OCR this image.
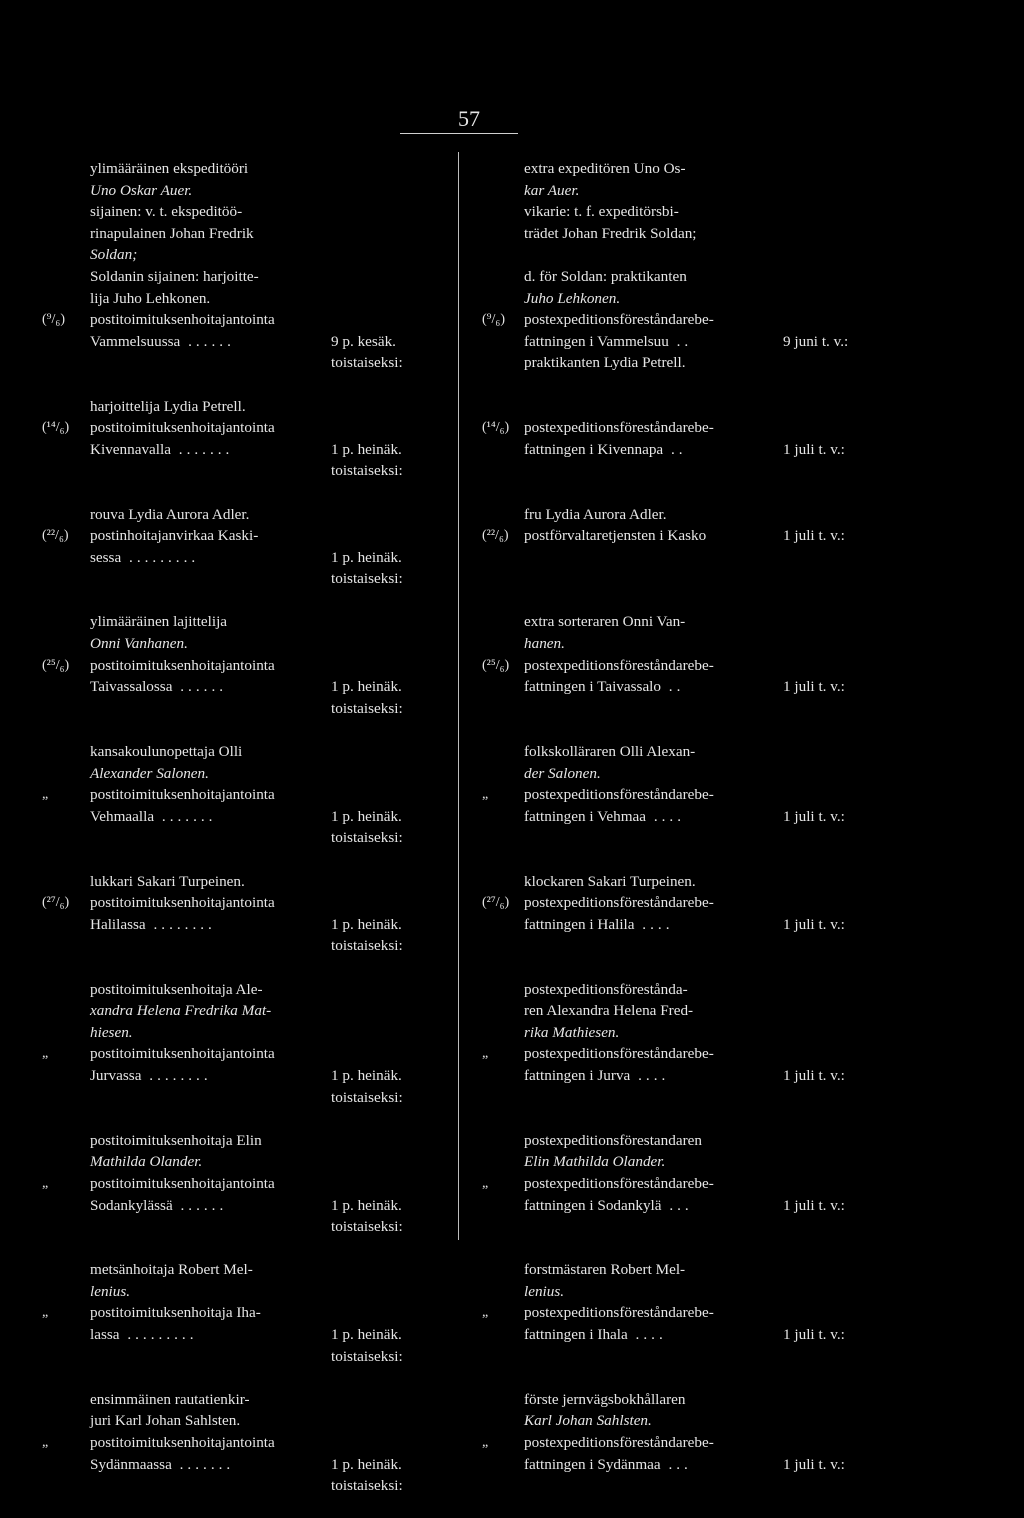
57
ylimääräinen ekspeditööri
Uno Oskar Auer.
sijainen: v. t. ekspeditöö-
rinapulainen Johan Fredrik
Soldan;
Soldanin sijainen: harjoitte-
lija Juho Lehkonen.
(⁹/₆) postitoimituksenhoitajantointa
Vammelsuussa ......	9 p. kesäk.
toistaiseksi:
harjoittelija Lydia Petrell.
(¹⁴/₆) postitoimituksenhoitajantointa
Kivennavalla .......	1 p. heinäk.
toistaiseksi:
rouva Lydia Aurora Adler.
(²²/₆) postinhoitajanvirkaa Kaski-
sessa .........	1 p. heinäk.
toistaiseksi:
ylimääräinen lajittelija
Onni Vanhanen.
(²⁵/₆) postitoimituksenhoitajantointa
Taivassalossa ......	1 p. heinäk.
toistaiseksi:
kansakoulunopettaja Olli
Alexander Salonen.
„	postitoimituksenhoitajantointa
Vehmaalla .......	1 p. heinäk.
toistaiseksi:
lukkari Sakari Turpeinen.
(²⁷/₆) postitoimituksenhoitajantointa
Halilassa ........	1 p. heinäk.
toistaiseksi:
postitoimituksenhoitaja Ale-
xandra Helena Fredrika Mat-
hiesen.
„	postitoimituksenhoitajantointa
Jurvassa ........	1 p. heinäk.
toistaiseksi:
postitoimituksenhoitaja Elin
Mathilda Olander.
„	postitoimituksenhoitajantointa
Sodankylässä ......	1 p. heinäk.
toistaiseksi:
metsänhoitaja Robert Mel-
lenius.
„	postitoimituksenhoitaja Iha-
lassa .........	1 p. heinäk.
toistaiseksi:
ensimmäinen rautatienkir-
juri Karl Johan Sahlsten.
„	postitoimituksenhoitajantointa
Sydänmaassa .......	1 p. heinäk.
toistaiseksi:
extra expeditören Uno Os-
kar Auer.
vikarie: t. f. expeditörsbi-
trädet Johan Fredrik Soldan;
d. för Soldan: praktikanten
Juho Lehkonen.
(⁹/₆) postexpeditionsföreståndarebe-
fattningen i Vammelsuu ..	9 juni t. v.:
praktikanten Lydia Petrell.
(¹⁴/₆) postexpeditionsföreståndarebe-
fattningen i Kivennapa ..	1 juli t. v.:
fru Lydia Aurora Adler.
(²²/₆) postförvaltaretjensten i Kasko	1 juli t. v.:
extra sorteraren Onni Van-
hanen.
(²⁵/₆) postexpeditionsföreståndarebe-
fattningen i Taivassalo ..	1 juli t. v.:
folkskolläraren Olli Alexan-
der Salonen.
„ postexpeditionsföreståndarebe-
fattningen i Vehmaa ....	1 juli t. v.:
klockaren Sakari Turpeinen.
(²⁷/₆) postexpeditionsföreståndarebe-
fattningen i Halila ....	1 juli t. v.:
postexpeditionsförestånda-
ren Alexandra Helena Fred-
rika Mathiesen.
„ postexpeditionsföreståndarebe-
fattningen i Jurva ....	1 juli t. v.:
postexpeditionsförestandaren
Elin Mathilda Olander.
„ postexpeditionsföreståndarebe-
fattningen i Sodankylä ...	1 juli t. v.:
forstmästaren Robert Mel-
lenius.
„ postexpeditionsföreståndarebe-
fattningen i Ihala ....	1 juli t. v.:
förste jernvägsbokhållaren
Karl Johan Sahlsten.
„ postexpeditionsföreståndarebe-
fattningen i Sydänmaa ...	1 juli t. v.:
